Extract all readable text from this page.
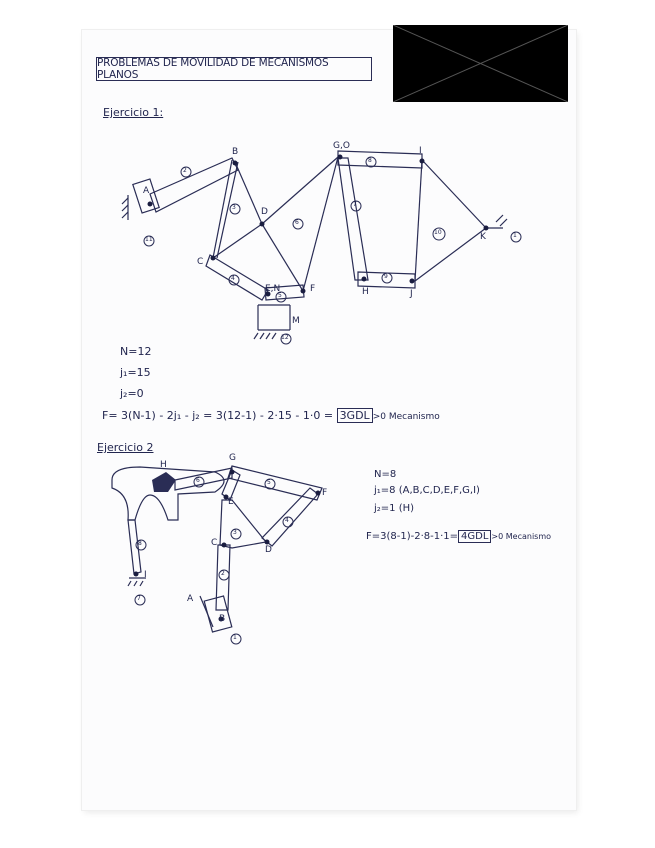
PROBLEMAS DE MOVILIDAD DE MECANISMOS PLANOS
Ejercicio 1:
B
G,O	I
A
D
C
E,N	F	H	J
K
M
1
2
3
4
5
6
7
8
9
10
11
12
N=12
j₁=15
j₂=0
F= 3(N-1) - 2j₁ - j₂ = 3(12-1) - 2·15 - 1·0 = 3GDL >0 Mecanismo
Ejercicio 2
H
G
E
F
C
D
I
A
B
1
2
3
4
5
6
7
8
N=8
j₁=8 (A,B,C,D,E,F,G,I)
j₂=1 (H)
F=3(8-1)-2·8-1·1= 4GDL >0 Mecanismo
